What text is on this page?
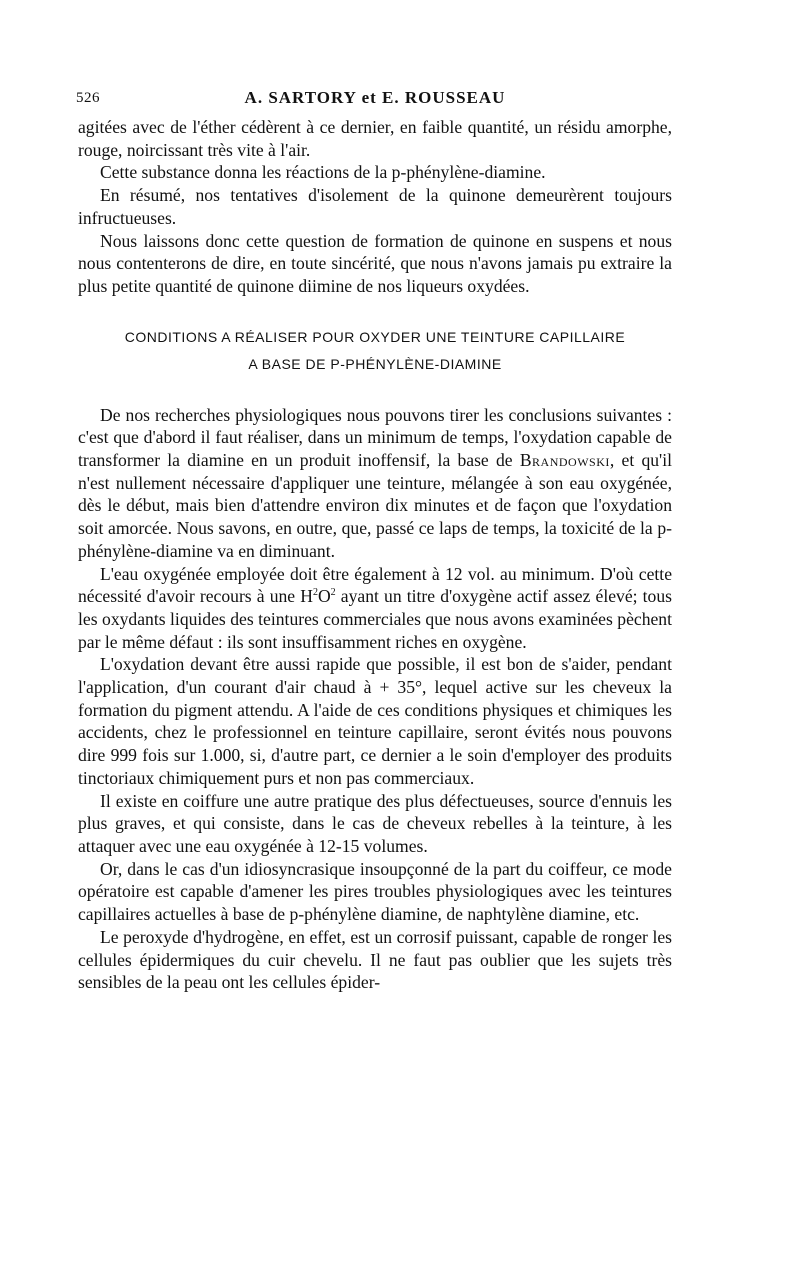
526	A. SARTORY et E. ROUSSEAU

agitées avec de l'éther cédèrent à ce dernier, en faible quantité, un résidu amorphe, rouge, noircissant très vite à l'air.

Cette substance donna les réactions de la p-phénylène-diamine.

En résumé, nos tentatives d'isolement de la quinone demeurèrent toujours infructueuses.

Nous laissons donc cette question de formation de quinone en suspens et nous nous contenterons de dire, en toute sincérité, que nous n'avons jamais pu extraire la plus petite quantité de quinone diimine de nos liqueurs oxydées.

CONDITIONS A RÉALISER POUR OXYDER UNE TEINTURE CAPILLAIRE
A BASE DE P-PHÉNYLÈNE-DIAMINE

De nos recherches physiologiques nous pouvons tirer les conclusions suivantes : c'est que d'abord il faut réaliser, dans un minimum de temps, l'oxydation capable de transformer la diamine en un produit inoffensif, la base de Brandowski, et qu'il n'est nullement nécessaire d'appliquer une teinture, mélangée à son eau oxygénée, dès le début, mais bien d'attendre environ dix minutes et de façon que l'oxydation soit amorcée. Nous savons, en outre, que, passé ce laps de temps, la toxicité de la p-phénylène-diamine va en diminuant.

L'eau oxygénée employée doit être également à 12 vol. au minimum. D'où cette nécessité d'avoir recours à une $H^2O^2$ ayant un titre d'oxygène actif assez élevé; tous les oxydants liquides des teintures commerciales que nous avons examinées pèchent par le même défaut : ils sont insuffisamment riches en oxygène.

L'oxydation devant être aussi rapide que possible, il est bon de s'aider, pendant l'application, d'un courant d'air chaud à + 35°, lequel active sur les cheveux la formation du pigment attendu. A l'aide de ces conditions physiques et chimiques les accidents, chez le professionnel en teinture capillaire, seront évités nous pouvons dire 999 fois sur 1.000, si, d'autre part, ce dernier a le soin d'employer des produits tinctoriaux chimiquement purs et non pas commerciaux.

Il existe en coiffure une autre pratique des plus défectueuses, source d'ennuis les plus graves, et qui consiste, dans le cas de cheveux rebelles à la teinture, à les attaquer avec une eau oxygénée à 12-15 volumes.

Or, dans le cas d'un idiosyncrasique insoupçonné de la part du coiffeur, ce mode opératoire est capable d'amener les pires troubles physiologiques avec les teintures capillaires actuelles à base de p-phénylène diamine, de naphtylène diamine, etc.

Le peroxyde d'hydrogène, en effet, est un corrosif puissant, capable de ronger les cellules épidermiques du cuir chevelu. Il ne faut pas oublier que les sujets très sensibles de la peau ont les cellules épider-
